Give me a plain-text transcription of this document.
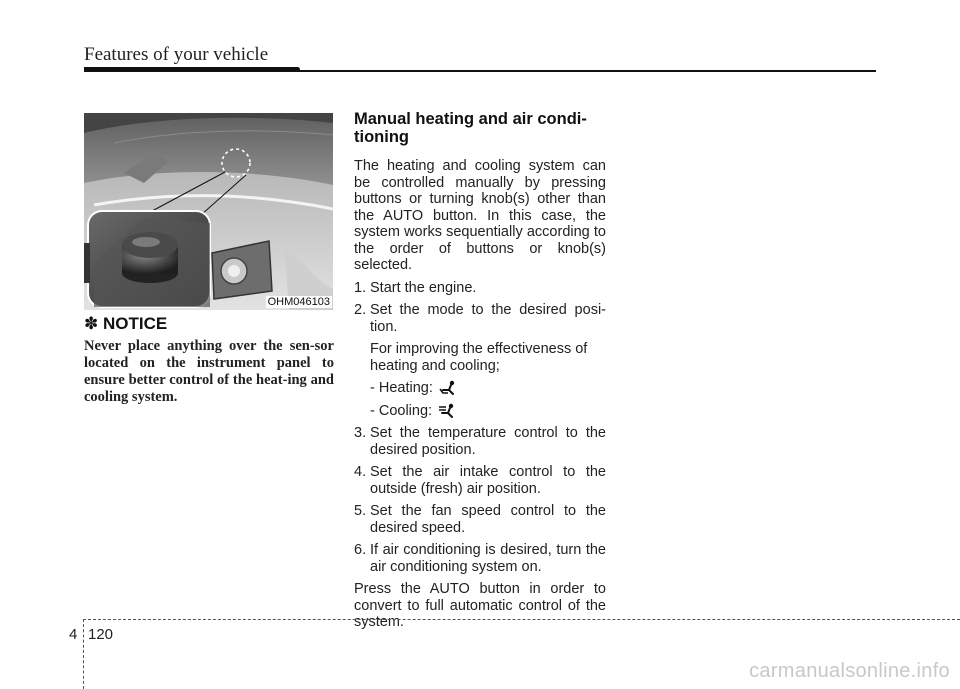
Features of your vehicle
OHM046103
✽ NOTICE
Never place anything over the sen-sor located on the instrument panel to ensure better control of the heat-ing and cooling system.
Manual heating and air condi-tioning
The heating and cooling system can be controlled manually by pressing buttons or turning knob(s) other than the AUTO button. In this case, the system works sequentially according to the order of buttons or knob(s) selected.
1. Start the engine.
2. Set the mode to the desired posi-tion.
For improving the effectiveness of heating and cooling;
- Heating:
- Cooling:
3. Set the temperature control to the desired position.
4. Set the air intake control to the outside (fresh) air position.
5. Set the fan speed control to the desired speed.
6. If air conditioning is desired, turn the air conditioning system on.
Press the AUTO button in order to convert to full automatic control of the system.
4 120
carmanualsonline.info
